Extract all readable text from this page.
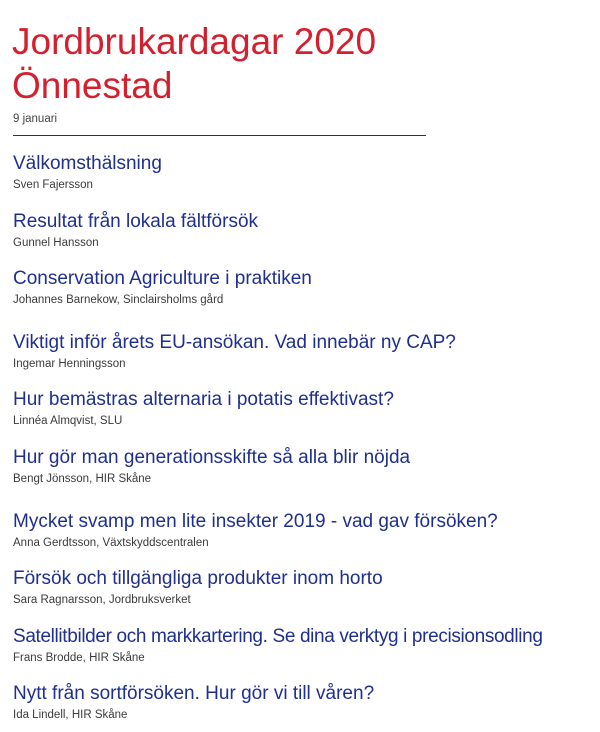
Jordbrukardagar 2020
Önnestad
9 januari
Välkomsthälsning
Sven Fajersson
Resultat från lokala fältförsök
Gunnel Hansson
Conservation Agriculture i praktiken
Johannes Barnekow, Sinclairsholms gård
Viktigt inför årets EU-ansökan. Vad innebär ny CAP?
Ingemar Henningsson
Hur bemästras alternaria i potatis effektivast?
Linnéa Almqvist, SLU
Hur gör man generationsskifte så alla blir nöjda
Bengt Jönsson, HIR Skåne
Mycket svamp men lite insekter 2019 - vad gav försöken?
Anna Gerdtsson, Växtskyddscentralen
Försök och tillgängliga produkter inom horto
Sara Ragnarsson, Jordbruksverket
Satellitbilder och markkartering. Se dina verktyg i precisionsodling
Frans Brodde, HIR Skåne
Nytt från sortförsöken. Hur gör vi till våren?
Ida Lindell, HIR Skåne
